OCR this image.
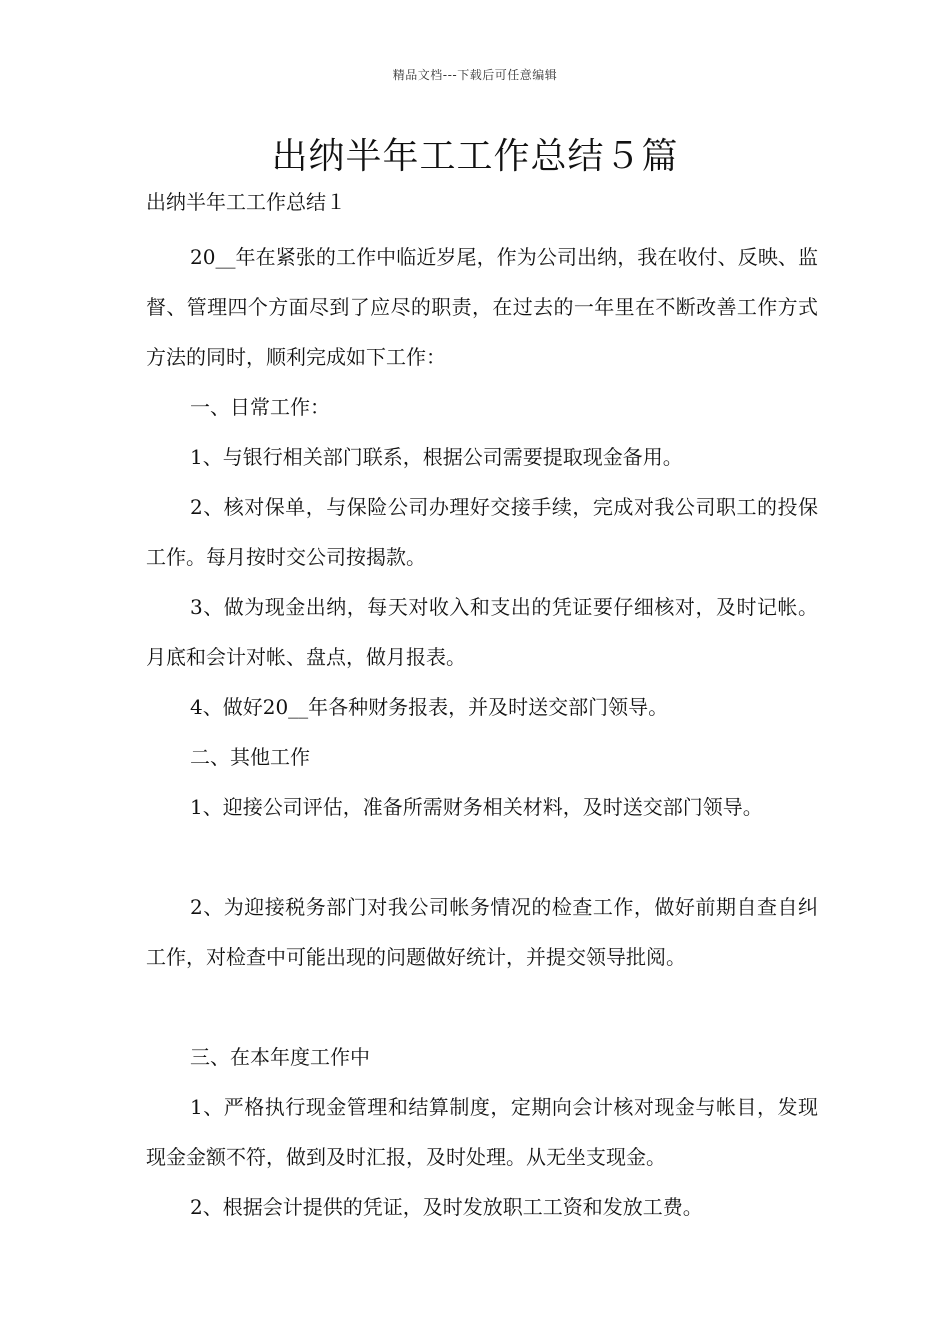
精品文档---下载后可任意编辑
出纳半年工工作总结５篇
出纳半年工工作总结１

20__年在紧张的工作中临近岁尾，作为公司出纳，我在收付、反映、监督、管理四个方面尽到了应尽的职责，在过去的一年里在不断改善工作方式方法的同时，顺利完成如下工作：

一、日常工作：

1、与银行相关部门联系，根据公司需要提取现金备用。

2、核对保单，与保险公司办理好交接手续，完成对我公司职工的投保工作。每月按时交公司按揭款。

3、做为现金出纳，每天对收入和支出的凭证要仔细核对，及时记帐。月底和会计对帐、盘点，做月报表。

4、做好20__年各种财务报表，并及时送交部门领导。

二、其他工作

1、迎接公司评估，准备所需财务相关材料，及时送交部门领导。

2、为迎接税务部门对我公司帐务情况的检查工作，做好前期自查自纠工作，对检查中可能出现的问题做好统计，并提交领导批阅。

三、在本年度工作中

1、严格执行现金管理和结算制度，定期向会计核对现金与帐目，发现现金金额不符，做到及时汇报，及时处理。从无坐支现金。

2、根据会计提供的凭证，及时发放职工工资和发放工费。
